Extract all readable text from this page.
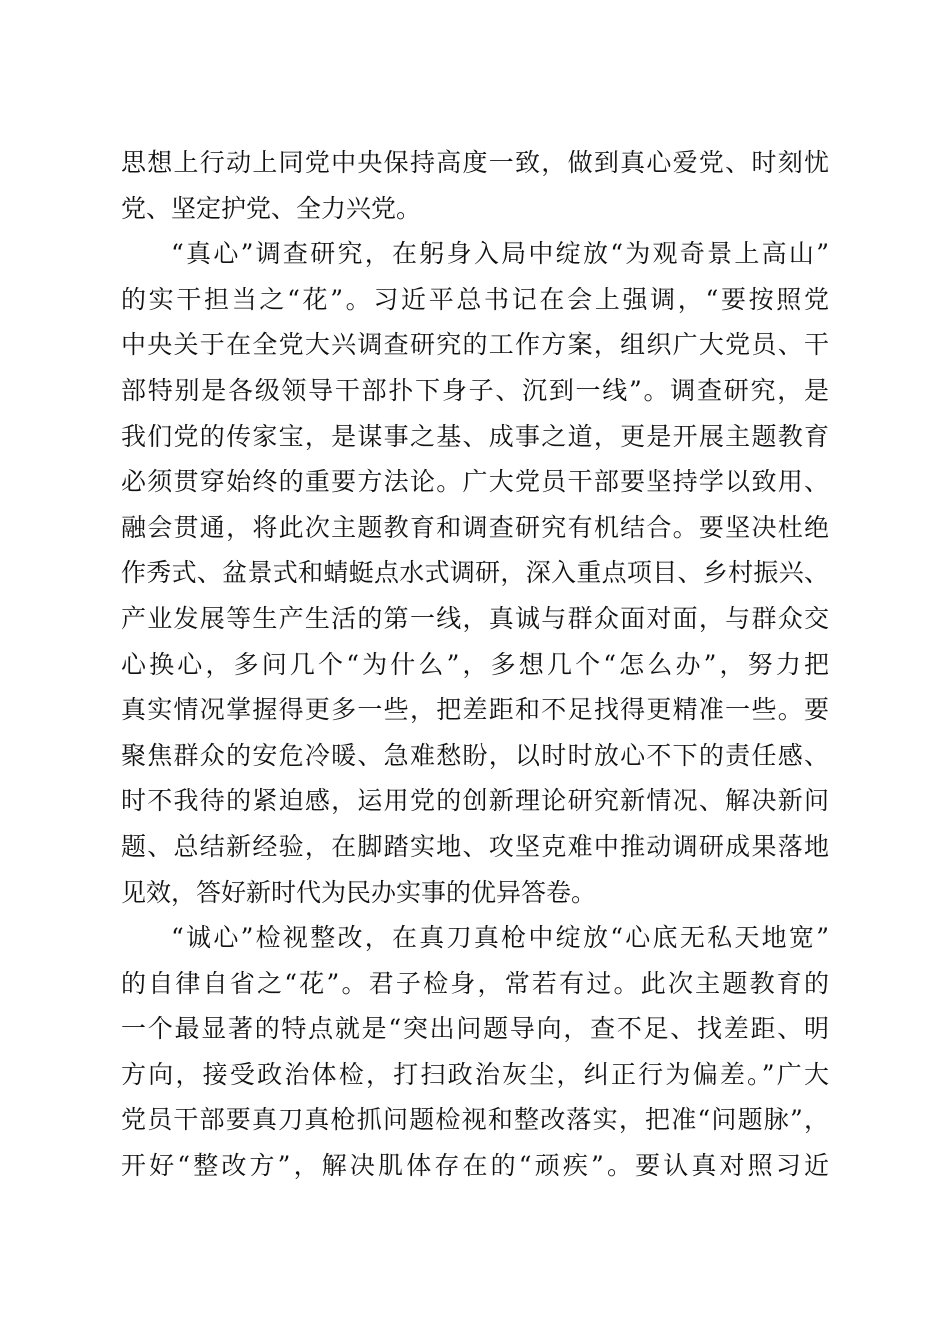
思想上行动上同党中央保持高度一致，做到真心爱党、时刻忧
党、坚定护党、全力兴党。
“真心”调查研究，在躬身入局中绽放“为观奇景上高山”
的实干担当之“花”。习近平总书记在会上强调，“要按照党
中央关于在全党大兴调查研究的工作方案，组织广大党员、干
部特别是各级领导干部扑下身子、沉到一线”。调查研究，是
我们党的传家宝，是谋事之基、成事之道，更是开展主题教育
必须贯穿始终的重要方法论。广大党员干部要坚持学以致用、
融会贯通，将此次主题教育和调查研究有机结合。要坚决杜绝
作秀式、盆景式和蜻蜓点水式调研，深入重点项目、乡村振兴、
产业发展等生产生活的第一线，真诚与群众面对面，与群众交
心换心，多问几个“为什么”，多想几个“怎么办”，努力把
真实情况掌握得更多一些，把差距和不足找得更精准一些。要
聚焦群众的安危冷暖、急难愁盼，以时时放心不下的责任感、
时不我待的紧迫感，运用党的创新理论研究新情况、解决新问
题、总结新经验，在脚踏实地、攻坚克难中推动调研成果落地
见效，答好新时代为民办实事的优异答卷。
“诚心”检视整改，在真刀真枪中绽放“心底无私天地宽”
的自律自省之“花”。君子检身，常若有过。此次主题教育的
一个最显著的特点就是“突出问题导向，查不足、找差距、明
方向，接受政治体检，打扫政治灰尘，纠正行为偏差。”广大
党员干部要真刀真枪抓问题检视和整改落实，把准“问题脉”，
开好“整改方”，解决肌体存在的“顽疾”。要认真对照习近
